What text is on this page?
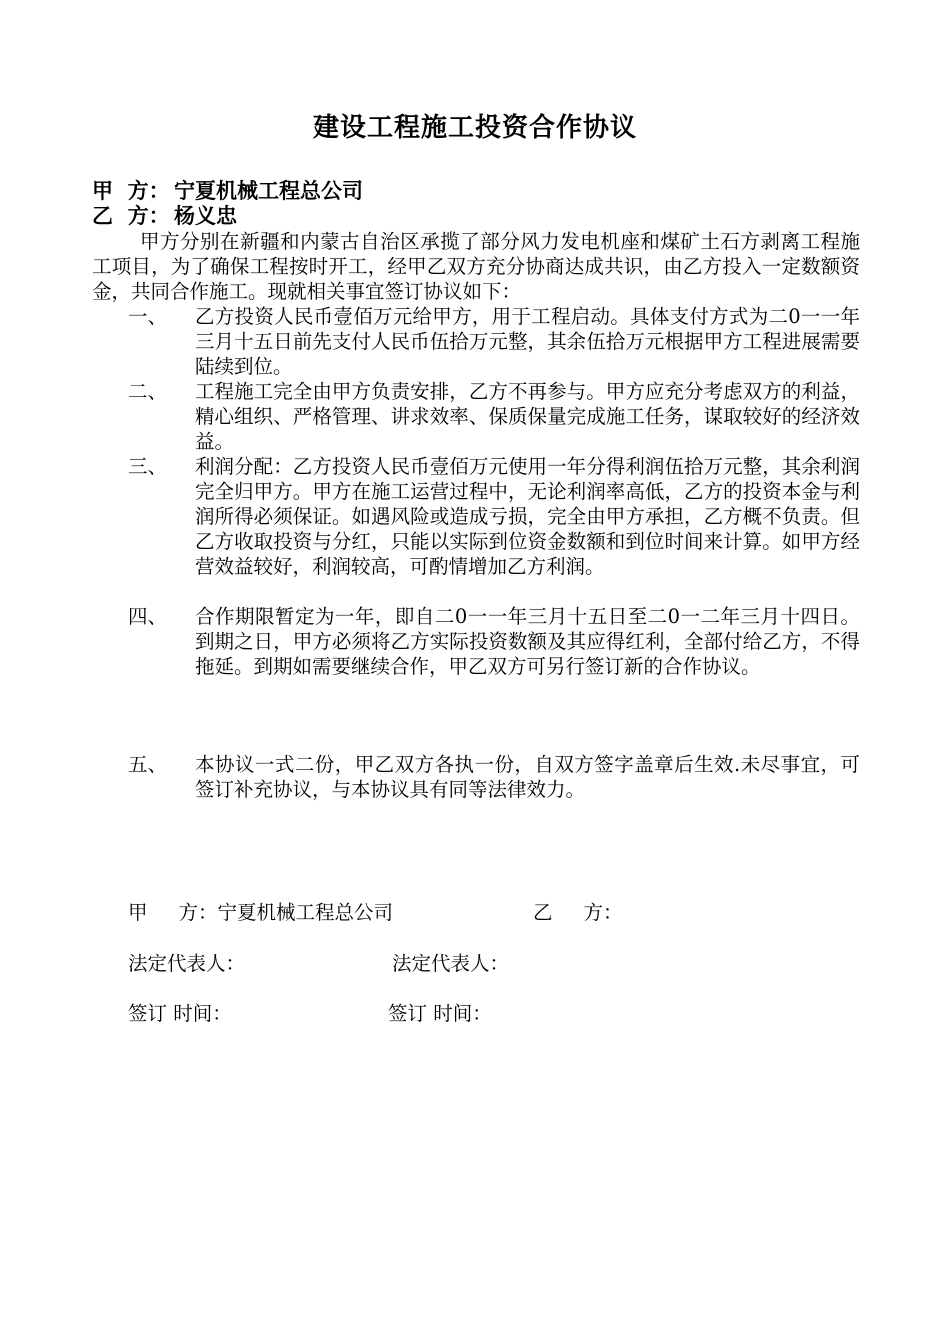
建设工程施工投资合作协议
甲  方： 宁夏机械工程总公司
乙  方： 杨义忠
甲方分别在新疆和内蒙古自治区承揽了部分风力发电机座和煤矿土石方剥离工程施工项目，为了确保工程按时开工，经甲乙双方充分协商达成共识，由乙方投入一定数额资金，共同合作施工。现就相关事宜签订协议如下：
一、	乙方投资人民币壹佰万元给甲方，用于工程启动。具体支付方式为二0一一年三月十五日前先支付人民币伍拾万元整，其余伍拾万元根据甲方工程进展需要陆续到位。
二、	工程施工完全由甲方负责安排，乙方不再参与。甲方应充分考虑双方的利益，精心组织、严格管理、讲求效率、保质保量完成施工任务，谋取较好的经济效益。
三、	利润分配：乙方投资人民币壹佰万元使用一年分得利润伍拾万元整，其余利润完全归甲方。甲方在施工运营过程中，无论利润率高低，乙方的投资本金与利润所得必须保证。如遇风险或造成亏损，完全由甲方承担，乙方概不负责。但乙方收取投资与分红，只能以实际到位资金数额和到位时间来计算。如甲方经营效益较好，利润较高，可酌情增加乙方利润。
四、	合作期限暂定为一年，即自二0一一年三月十五日至二0一二年三月十四日。到期之日，甲方必须将乙方实际投资数额及其应得红利，全部付给乙方，不得拖延。到期如需要继续合作，甲乙双方可另行签订新的合作协议。
五、	本协议一式二份，甲乙双方各执一份，自双方签字盖章后生效.未尽事宜，可签订补充协议，与本协议具有同等法律效力。
甲     方：宁夏机械工程总公司	乙     方：
法定代表人：	法定代表人：
签订 时间：	签订 时间：
